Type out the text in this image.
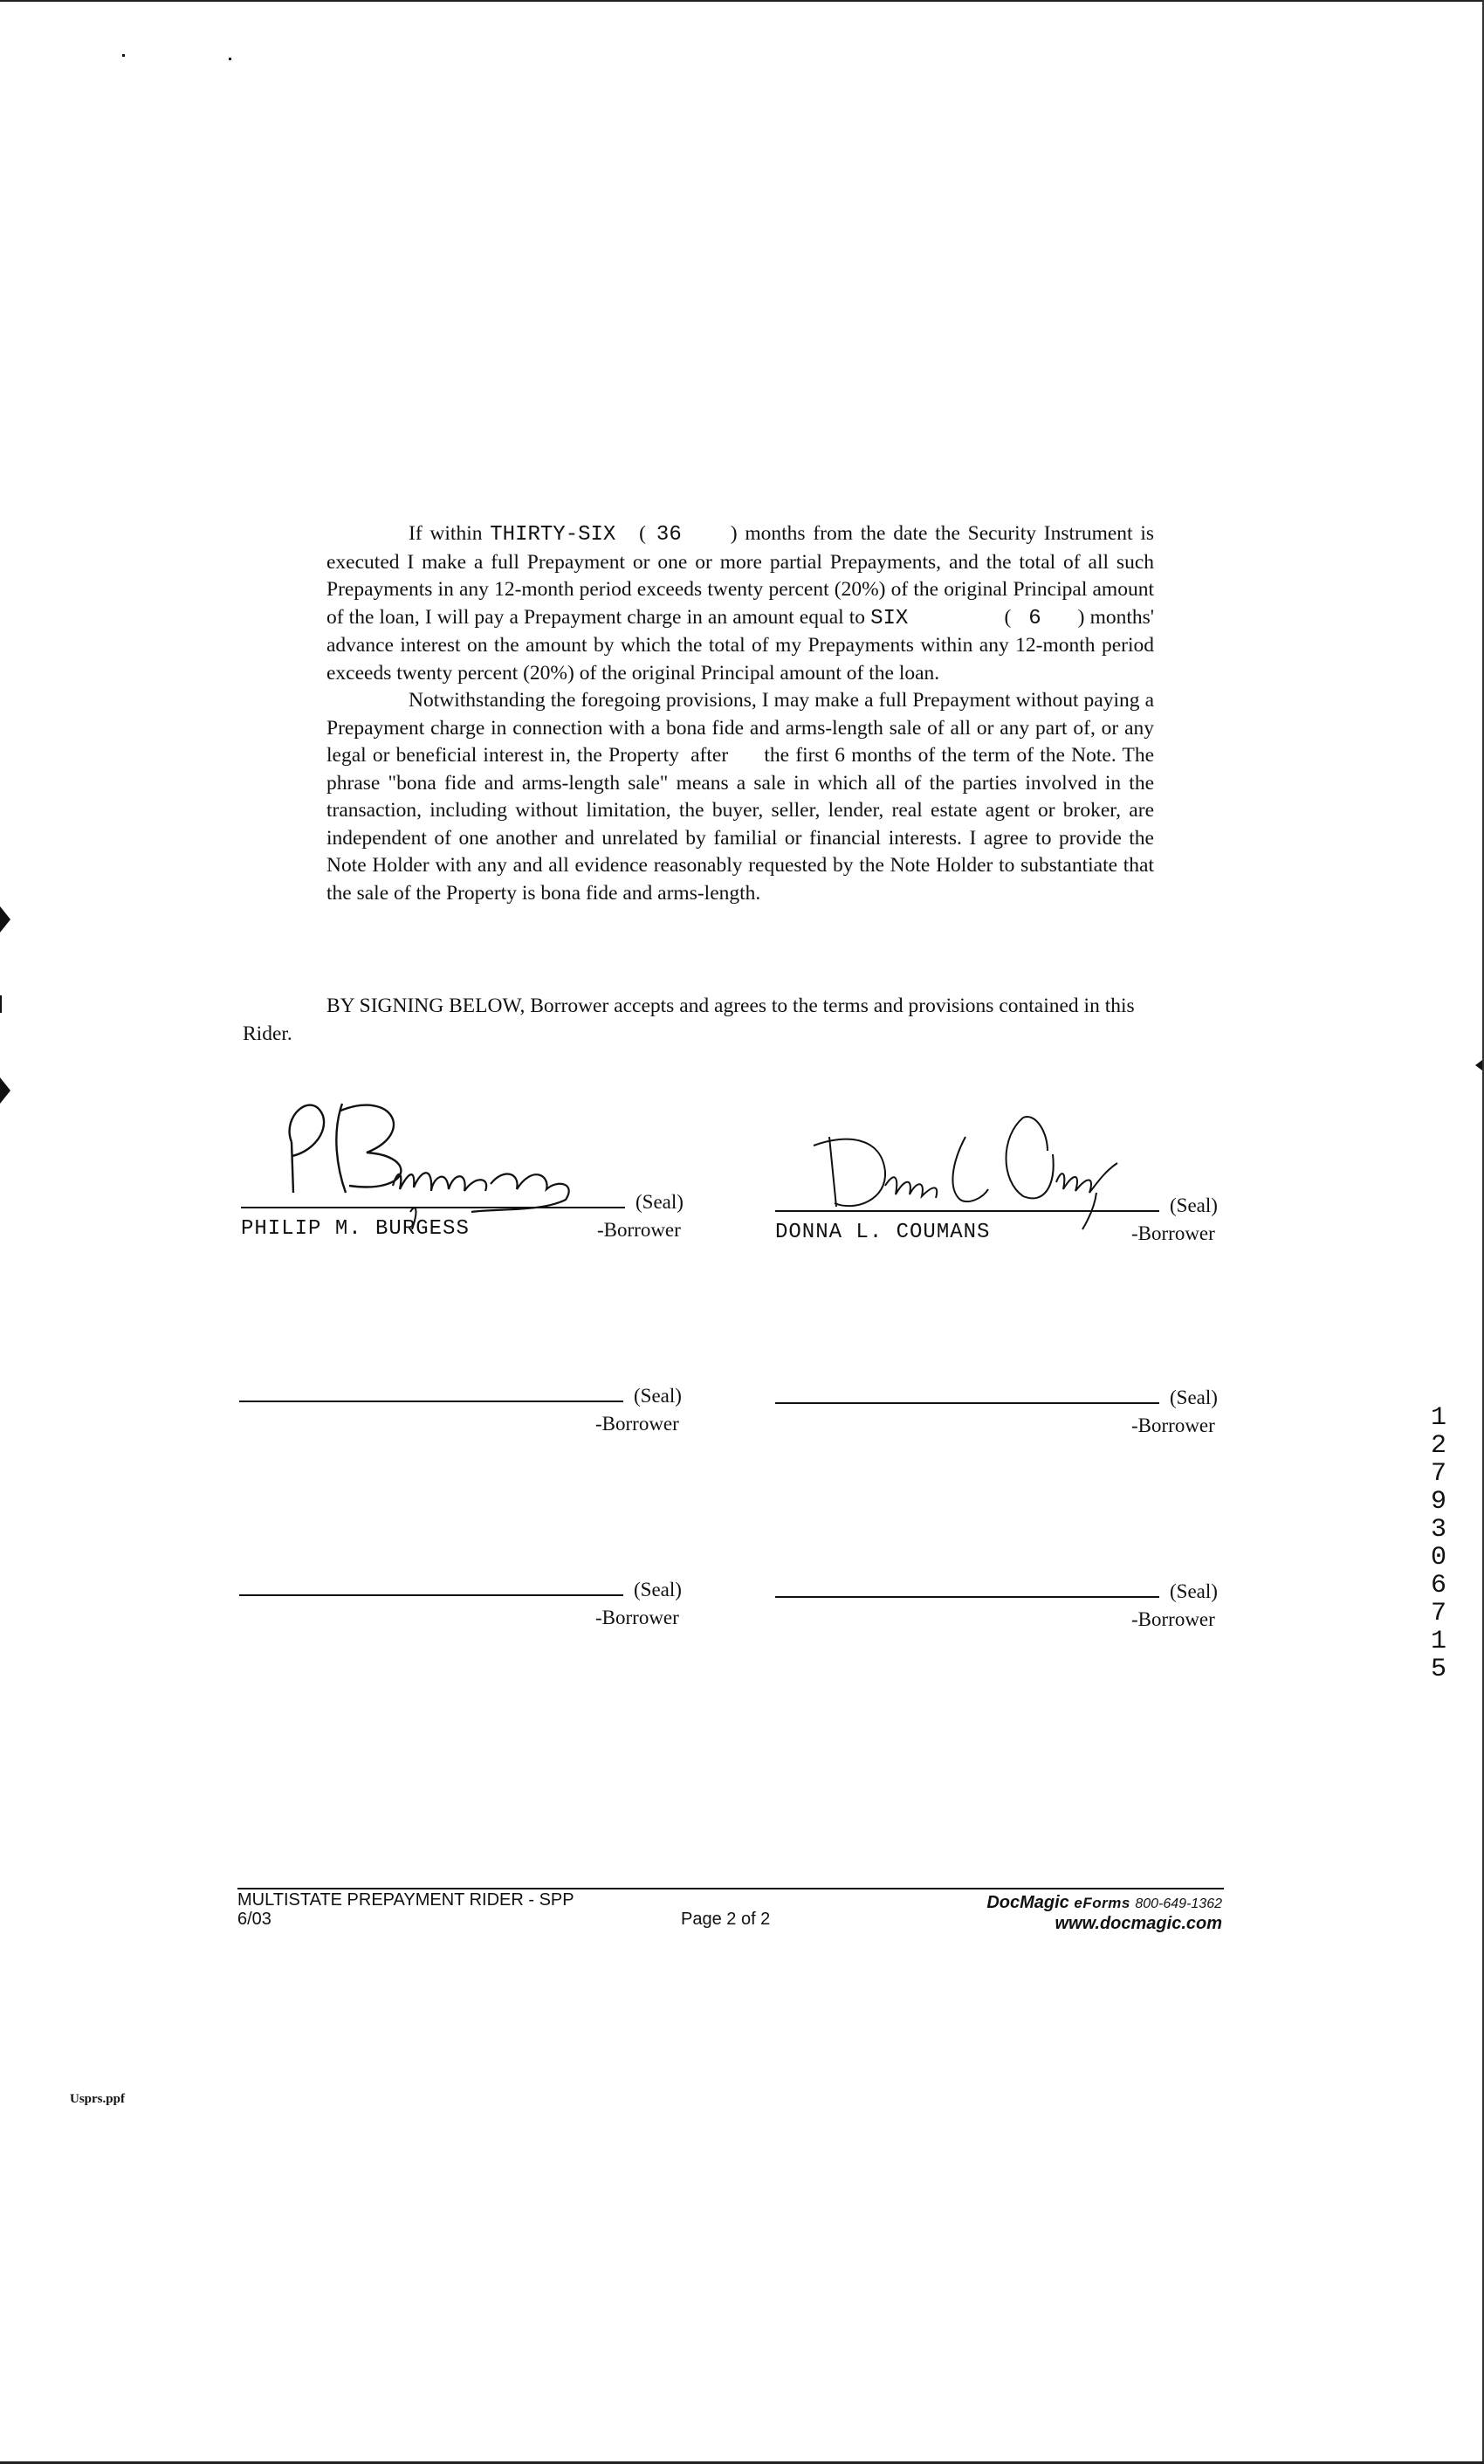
If within THIRTY-SIX ( 36 ) months from the date the Security Instrument is executed I make a full Prepayment or one or more partial Prepayments, and the total of all such Prepayments in any 12-month period exceeds twenty percent (20%) of the original Principal amount of the loan, I will pay a Prepayment charge in an amount equal to SIX	( 6 ) months' advance interest on the amount by which the total of my Prepayments within any 12-month period exceeds twenty percent (20%) of the original Principal amount of the loan.

Notwithstanding the foregoing provisions, I may make a full Prepayment without paying a Prepayment charge in connection with a bona fide and arms-length sale of all or any part of, or any legal or beneficial interest in, the Property after the first 6 months of the term of the Note. The phrase "bona fide and arms-length sale" means a sale in which all of the parties involved in the transaction, including without limitation, the buyer, seller, lender, real estate agent or broker, are independent of one another and unrelated by familial or financial interests. I agree to provide the Note Holder with any and all evidence reasonably requested by the Note Holder to substantiate that the sale of the Property is bona fide and arms-length.

BY SIGNING BELOW, Borrower accepts and agrees to the terms and provisions contained in this
Rider.
(Seal)
PHILIP M. BURGESS	-Borrower
(Seal)
DONNA L. COUMANS	-Borrower
(Seal)
-Borrower
(Seal)
-Borrower
(Seal)
-Borrower
(Seal)
-Borrower
12793 06715
MULTISTATE PREPAYMENT RIDER - SPP
6/03	Page 2 of 2
DocMagic eForms 800-649-1362
www.docmagic.com
Usprs.ppf
